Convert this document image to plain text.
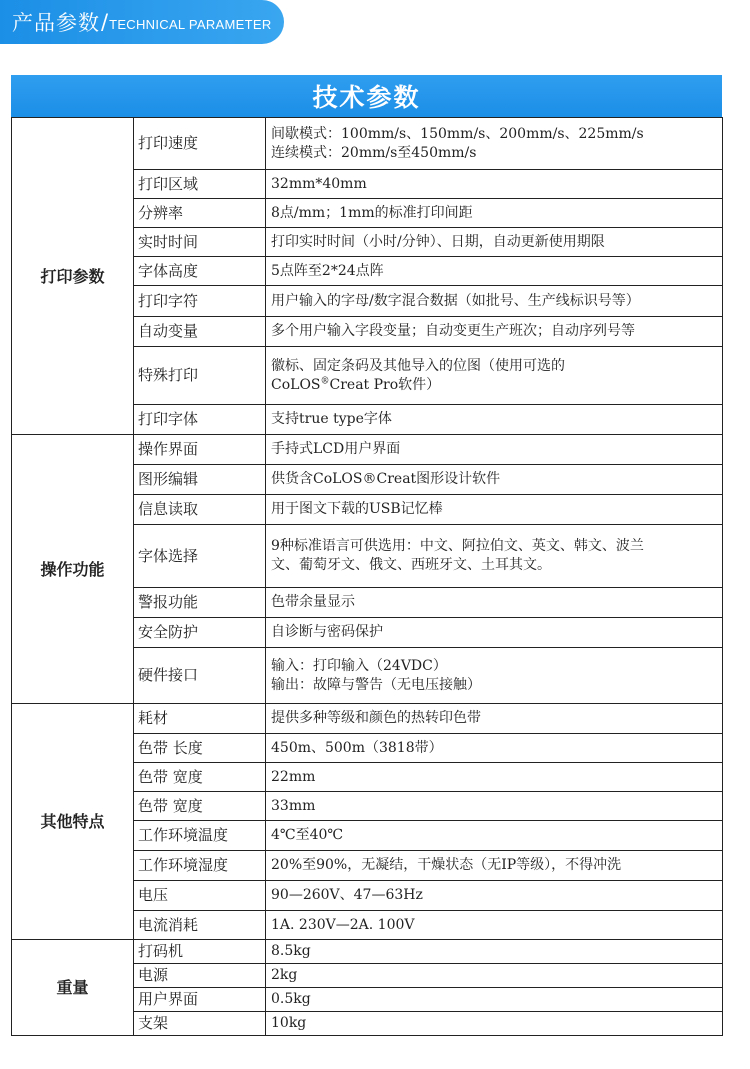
产品参数 / TECHNICAL PARAMETER
技术参数
打印参数	打印速度	间歇模式：100mm/s、150mm/s、200mm/s、225mm/s
连续模式：20mm/s至450mm/s

	打印区域	32mm*40mm

	分辨率	8点/mm；1mm的标准打印间距

	实时时间	打印实时时间（小时/分钟）、日期，自动更新使用期限

	字体高度	5点阵至2*24点阵

	打印字符	用户输入的字母/数字混合数据（如批号、生产线标识号等）

	自动变量	多个用户输入字段变量；自动变更生产班次；自动序列号等

	特殊打印	徽标、固定条码及其他导入的位图（使用可选的
CoLOS®Creat Pro软件）

	打印字体	支持true type字体

操作功能	操作界面	手持式LCD用户界面

	图形编辑	供货含CoLOS®Creat图形设计软件

	信息读取	用于图文下载的USB记忆棒

	字体选择	9种标准语言可供选用：中文、阿拉伯文、英文、韩文、波兰
文、葡萄牙文、俄文、西班牙文、土耳其文。

	警报功能	色带余量显示

	安全防护	自诊断与密码保护

	硬件接口	输入：打印输入（24VDC）
输出：故障与警告（无电压接触）

其他特点	耗材	提供多种等级和颜色的热转印色带

	色带 长度	450m、500m（3818带）

	色带 宽度	22mm

	色带 宽度	33mm

	工作环境温度	4℃至40℃

	工作环境湿度	20%至90%，无凝结，干燥状态（无IP等级），不得冲洗

	电压	90—260V、47—63Hz

	电流消耗	1A. 230V—2A. 100V

重量	打码机	8.5kg

	电源	2kg

	用户界面	0.5kg

	支架	10kg
